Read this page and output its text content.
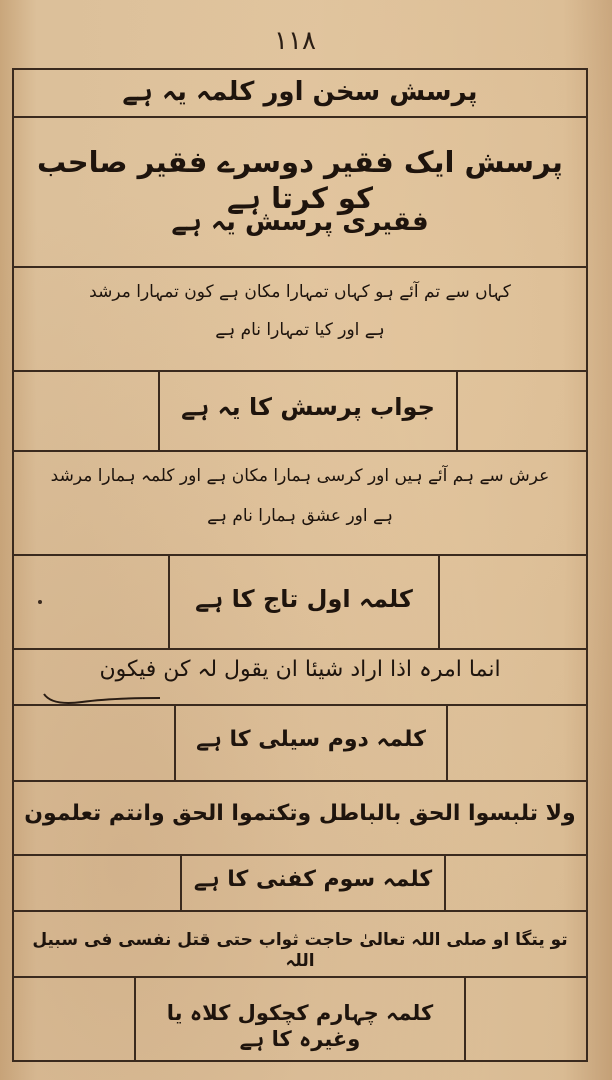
۱۱۸
پرسش سخن اور کلمہ یہ ہے
پرسش ایک فقیر دوسرے فقیر صاحب کو کرتا ہے
فقیری پرسش یہ ہے
کہاں سے تم آئے ہو کہاں تمہارا مکان ہے کون تمہارا مرشد
ہے اور کیا تمہارا نام ہے
جواب پرسش کا یہ ہے
عرش سے ہم آئے ہیں اور کرسی ہمارا مکان ہے اور کلمہ ہمارا مرشد
ہے اور عشق ہمارا نام ہے
کلمہ اول تاج کا ہے
انما امرہ اذا اراد شیئا ان یقول لہ کن فیکون
کلمہ دوم سیلی کا ہے
ولا تلبسوا الحق بالباطل وتکتموا الحق وانتم تعلمون
کلمہ سوم کفنی کا ہے
تو یتگا او صلی اللہ تعالیٰ حاجت ثواب حتی قتل نفسی فی سبیل اللہ
کلمہ چہارم کچکول کلاہ یا وغیرہ کا ہے
